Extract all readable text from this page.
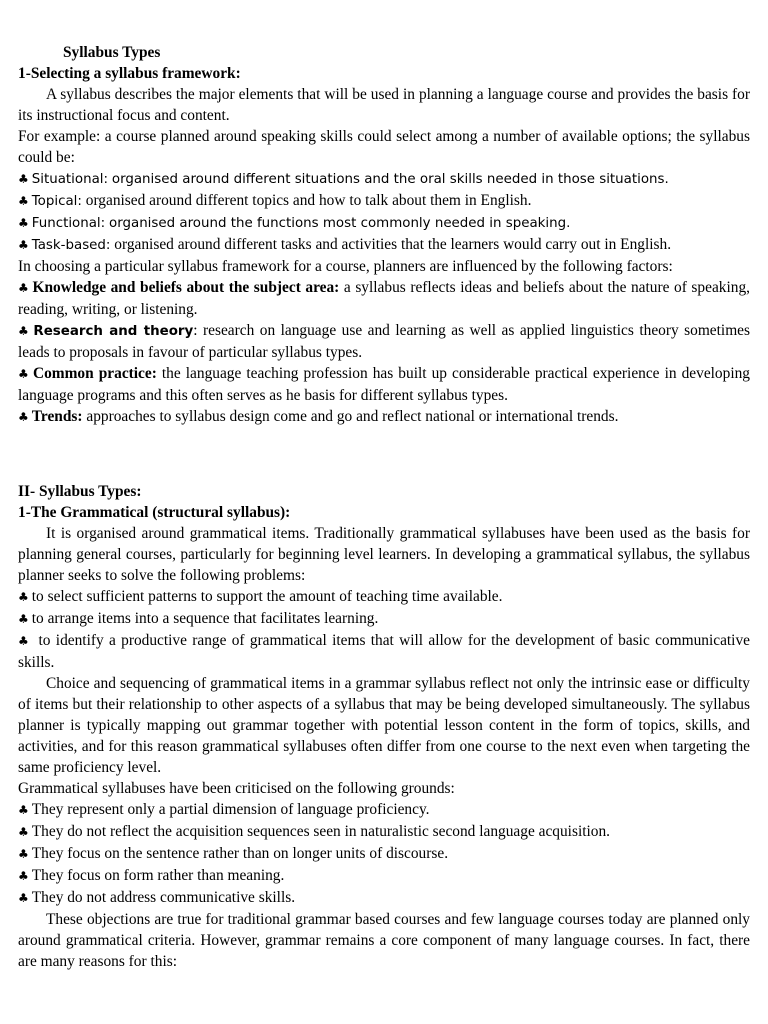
Syllabus Types

1-Selecting a syllabus framework:

A syllabus describes the major elements that will be used in planning a language course and provides the basis for its instructional focus and content.

For example: a course planned around speaking skills could select among a number of available options; the syllabus could be:

♣ Situational: organised around different situations and the oral skills needed in those situations.

♣ Topical: organised around different topics and how to talk about them in English.

♣ Functional: organised around the functions most commonly needed in speaking.

♣ Task-based: organised around different tasks and activities that the learners would carry out in English.

In choosing a particular syllabus framework for a course, planners are influenced by the following factors:

♣ Knowledge and beliefs about the subject area: a syllabus reflects ideas and beliefs about the nature of speaking, reading, writing, or listening.

♣ Research and theory: research on language use and learning as well as applied linguistics theory sometimes leads to proposals in favour of particular syllabus types.

♣ Common practice: the language teaching profession has built up considerable practical experience in developing language programs and this often serves as he basis for different syllabus types.

♣ Trends: approaches to syllabus design come and go and reflect national or international trends.

II- Syllabus Types:

1-The Grammatical (structural syllabus):

It is organised around grammatical items. Traditionally grammatical syllabuses have been used as the basis for planning general courses, particularly for beginning level learners. In developing a grammatical syllabus, the syllabus planner seeks to solve the following problems:

♣ to select sufficient patterns to support the amount of teaching time available.

♣ to arrange items into a sequence that facilitates learning.

♣ to identify a productive range of grammatical items that will allow for the development of basic communicative skills.

Choice and sequencing of grammatical items in a grammar syllabus reflect not only the intrinsic ease or difficulty of items but their relationship to other aspects of a syllabus that may be being developed simultaneously. The syllabus planner is typically mapping out grammar together with potential lesson content in the form of topics, skills, and activities, and for this reason grammatical syllabuses often differ from one course to the next even when targeting the same proficiency level.

Grammatical syllabuses have been criticised on the following grounds:

♣ They represent only a partial dimension of language proficiency.

♣ They do not reflect the acquisition sequences seen in naturalistic second language acquisition.

♣ They focus on the sentence rather than on longer units of discourse.

♣ They focus on form rather than meaning.

♣ They do not address communicative skills.

These objections are true for traditional grammar based courses and few language courses today are planned only around grammatical criteria. However, grammar remains a core component of many language courses. In fact, there are many reasons for this:
